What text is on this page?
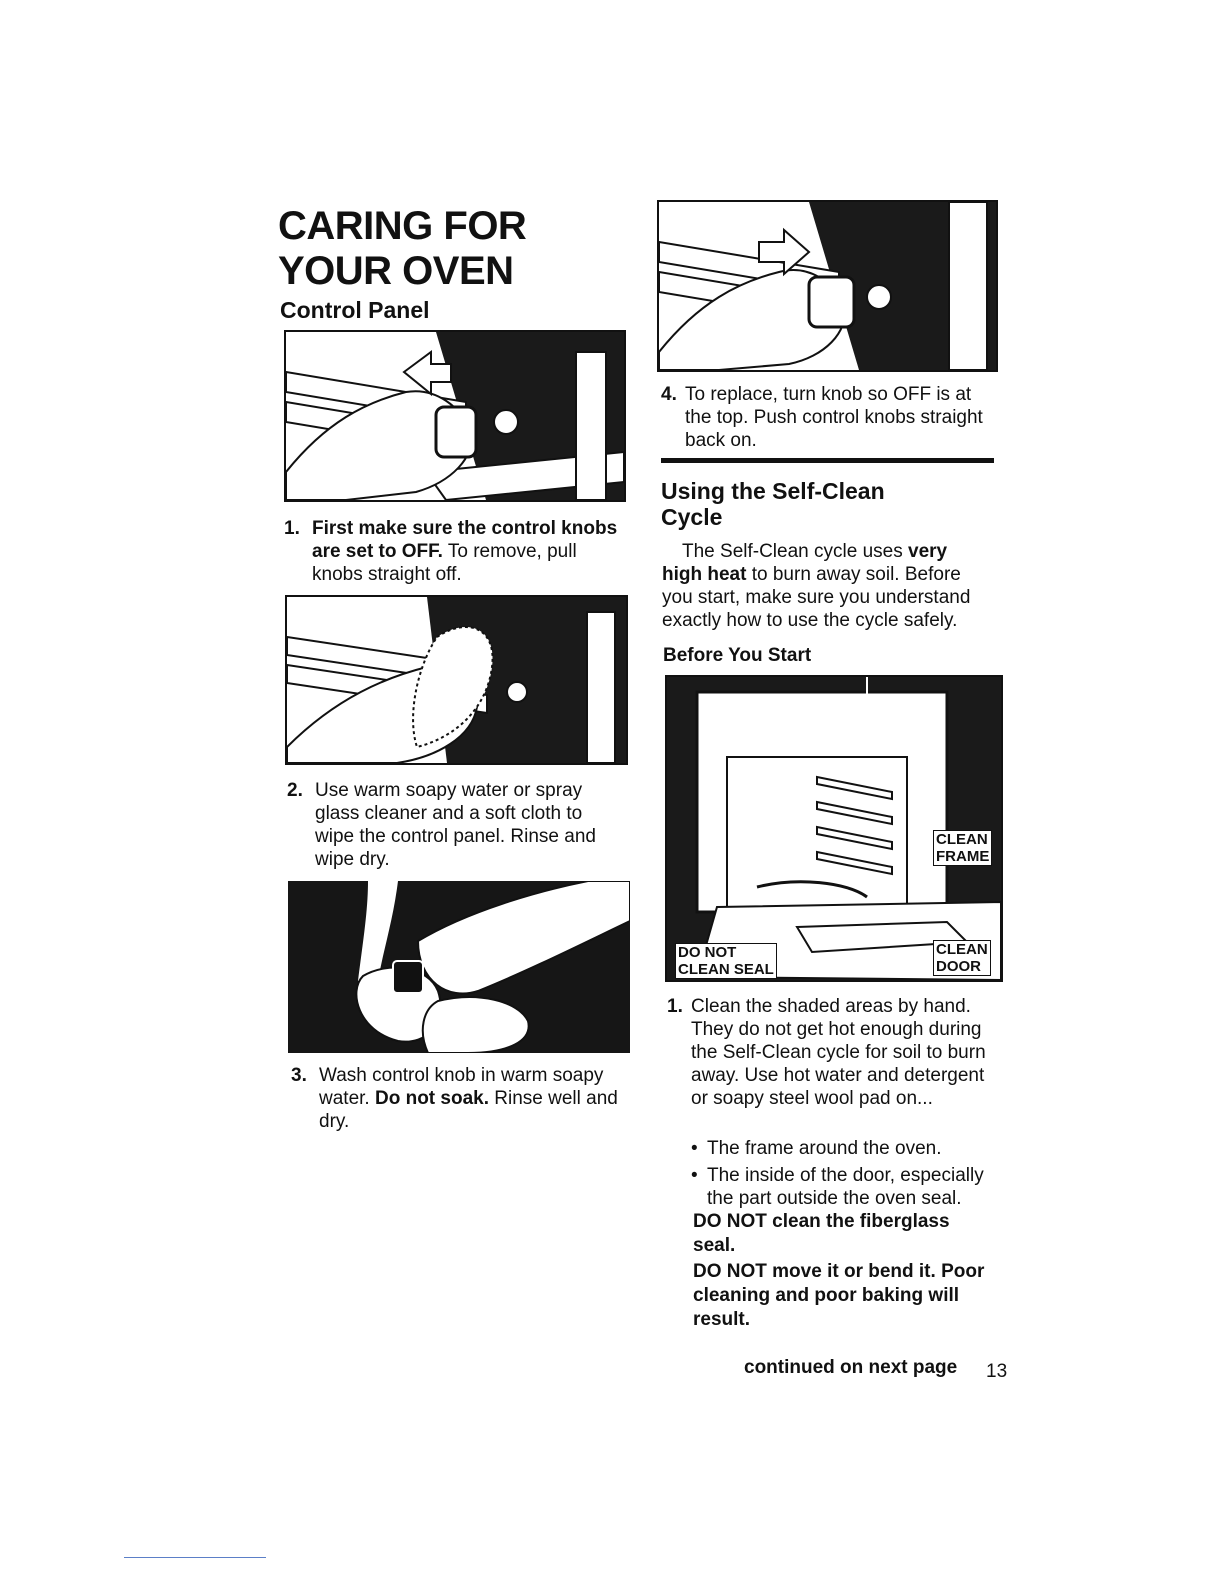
CARING FOR
YOUR OVEN
Control Panel
1. First make sure the control knobs are set to OFF. To remove, pull knobs straight off.
2. Use warm soapy water or spray glass cleaner and a soft cloth to wipe the control panel. Rinse and wipe dry.
3. Wash control knob in warm soapy water. Do not soak. Rinse well and dry.
4. To replace, turn knob so OFF is at the top. Push control knobs straight back on.
Using the Self-Clean
Cycle
The Self-Clean cycle uses very high heat to burn away soil. Before you start, make sure you understand exactly how to use the cycle safely.
Before You Start
CLEAN
FRAME
CLEAN
DOOR
DO NOT
CLEAN SEAL
1. Clean the shaded areas by hand. They do not get hot enough during the Self-Clean cycle for soil to burn away. Use hot water and detergent or soapy steel wool pad on...
• The frame around the oven.
• The inside of the door, especially the part outside the oven seal.
DO NOT clean the fiberglass seal.
DO NOT move it or bend it. Poor cleaning and poor baking will result.
continued on next page 13
